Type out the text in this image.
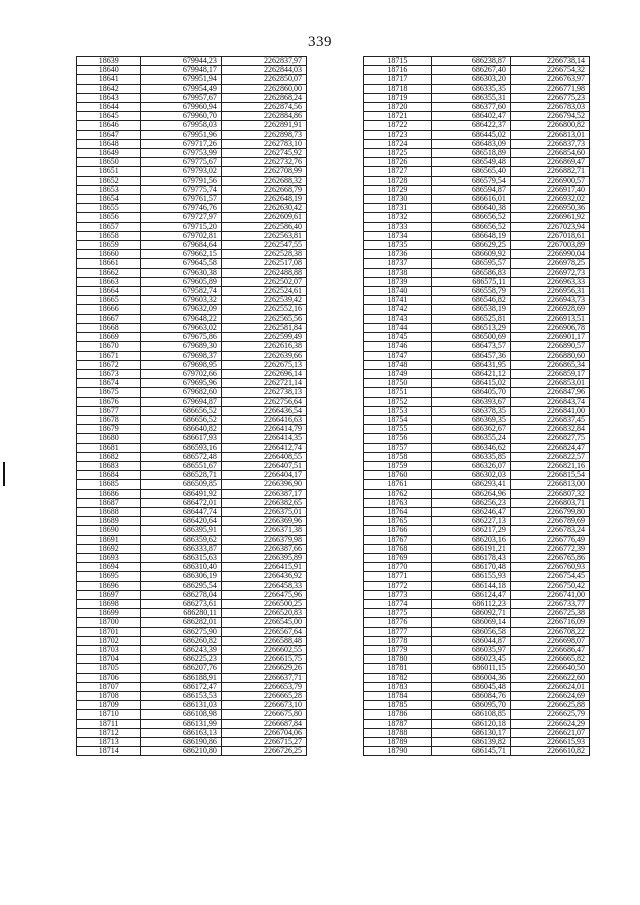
339
18639	679944,23	2262837,97
18640	679948,17	2262844,03
18641	679951,94	2262850,07
18642	679954,49	2262860,00
18643	679957,67	2262868,24
18644	679960,94	2262874,56
18645	679960,70	2262884,86
18646	679958,03	2262891,91
18647	679951,96	2262898,73
18648	679717,26	2262783,10
18649	679753,99	2262745,92
18650	679775,67	2262732,76
18651	679793,02	2262708,99
18652	679791,56	2262688,32
18653	679775,74	2262668,79
18654	679761,57	2262648,19
18655	679746,76	2262630,42
18656	679727,97	2262609,61
18657	679715,20	2262586,40
18658	679702,81	2262563,81
18659	679684,64	2262547,55
18660	679662,15	2262528,38
18661	679645,58	2262517,08
18662	679630,38	2262488,88
18663	679605,89	2262502,07
18664	679582,74	2262524,61
18665	679603,32	2262539,42
18666	679632,09	2262552,16
18667	679648,22	2262565,56
18668	679663,02	2262581,84
18669	679675,86	2262599,49
18670	679689,30	2262616,38
18671	679698,37	2262639,66
18672	679698,95	2262675,13
18673	679702,66	2262696,14
18674	679695,96	2262721,14
18675	679682,60	2262738,13
18676	679694,87	2262756,64
18677	686656,52	2266436,54
18678	686656,52	2266416,63
18679	686640,82	2266414,79
18680	686617,93	2266414,35
18681	686593,16	2266412,74
18682	686572,48	2266408,55
18683	686551,67	2266407,51
18684	686528,71	2266404,17
18685	686509,85	2266396,90
18686	686491,92	2266387,17
18687	686472,01	2266382,65
18688	686447,74	2266375,01
18689	686420,64	2266369,96
18690	686395,91	2266371,38
18691	686359,62	2266379,98
18692	686333,87	2266387,66
18693	686315,63	2266395,89
18694	686310,40	2266415,91
18695	686306,19	2266436,92
18696	686295,54	2266458,33
18697	686278,04	2266475,96
18698	686273,61	2266500,25
18699	686280,11	2266520,83
18700	686282,01	2266545,00
18701	686275,90	2266567,64
18702	686260,82	2266588,48
18703	686243,39	2266602,55
18704	686225,23	2266615,75
18705	686207,76	2266629,26
18706	686188,91	2266637,71
18707	686172,47	2266653,79
18708	686153,53	2266665,28
18709	686131,03	2266673,10
18710	686108,98	2266675,80
18711	686131,99	2266687,84
18712	686163,13	2266704,06
18713	686190,86	2266715,27
18714	686210,80	2266726,25
18715	686238,87	2266738,14
18716	686267,40	2266754,32
18717	686303,20	2266763,97
18718	686335,35	2266771,98
18719	686355,31	2266775,23
18720	686377,60	2266783,03
18721	686402,47	2266794,52
18722	686422,37	2266800,82
18723	686445,02	2266813,01
18724	686483,09	2266837,73
18725	686518,89	2266854,60
18726	686549,48	2266869,47
18727	686565,40	2266882,71
18728	686579,54	2266900,57
18729	686594,87	2266917,40
18730	686616,01	2266932,02
18731	686640,38	2266950,36
18732	686656,52	2266961,92
18733	686656,52	2267023,94
18734	686648,19	2267018,61
18735	686629,25	2267003,89
18736	686609,92	2266990,04
18737	686595,57	2266978,25
18738	686586,83	2266972,73
18739	686575,11	2266963,33
18740	686558,79	2266956,31
18741	686546,82	2266943,73
18742	686538,19	2266928,69
18743	686525,81	2266913,51
18744	686513,29	2266906,78
18745	686500,69	2266901,17
18746	686473,57	2266890,57
18747	686457,36	2266880,60
18748	686431,95	2266865,34
18749	686421,12	2266859,17
18750	686415,02	2266853,01
18751	686405,70	2266847,96
18752	686393,67	2266843,74
18753	686378,35	2266841,00
18754	686369,35	2266837,45
18755	686362,67	2266832,84
18756	686355,24	2266827,75
18757	686346,62	2266824,47
18758	686335,85	2266822,57
18759	686326,07	2266821,16
18760	686302,03	2266815,54
18761	686293,41	2266813,00
18762	686264,96	2266807,32
18763	686256,23	2266803,71
18764	686246,47	2266799,80
18765	686227,13	2266789,69
18766	686217,29	2266783,24
18767	686203,16	2266776,49
18768	686191,21	2266772,39
18769	686178,43	2266765,86
18770	686170,48	2266760,93
18771	686155,93	2266754,45
18772	686144,18	2266750,42
18773	686124,47	2266741,00
18774	686112,23	2266733,77
18775	686092,71	2266725,38
18776	686069,14	2266716,09
18777	686056,58	2266708,22
18778	686044,87	2266698,07
18779	686035,97	2266686,47
18780	686023,45	2266665,82
18781	686011,15	2266640,50
18782	686004,36	2266622,60
18783	686045,48	2266624,01
18784	686084,76	2266624,69
18785	686095,70	2266625,88
18786	686108,85	2266625,79
18787	686120,18	2266624,29
18788	686130,17	2266621,07
18789	686139,82	2266615,93
18790	686145,71	2266610,82
